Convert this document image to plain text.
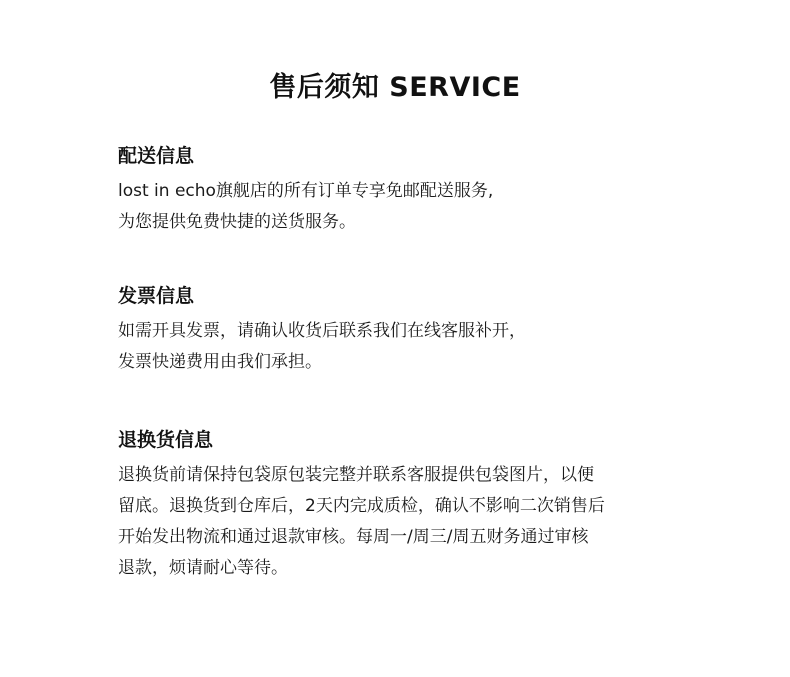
售后须知 SERVICE
配送信息
lost in echo旗舰店的所有订单专享免邮配送服务,
为您提供免费快捷的送货服务。
发票信息
如需开具发票，请确认收货后联系我们在线客服补开，
发票快递费用由我们承担。
退换货信息
退换货前请保持包袋原包装完整并联系客服提供包袋图片，以便
留底。退换货到仓库后，2天内完成质检，确认不影响二次销售后
开始发出物流和通过退款审核。每周一/周三/周五财务通过审核
退款，烦请耐心等待。
